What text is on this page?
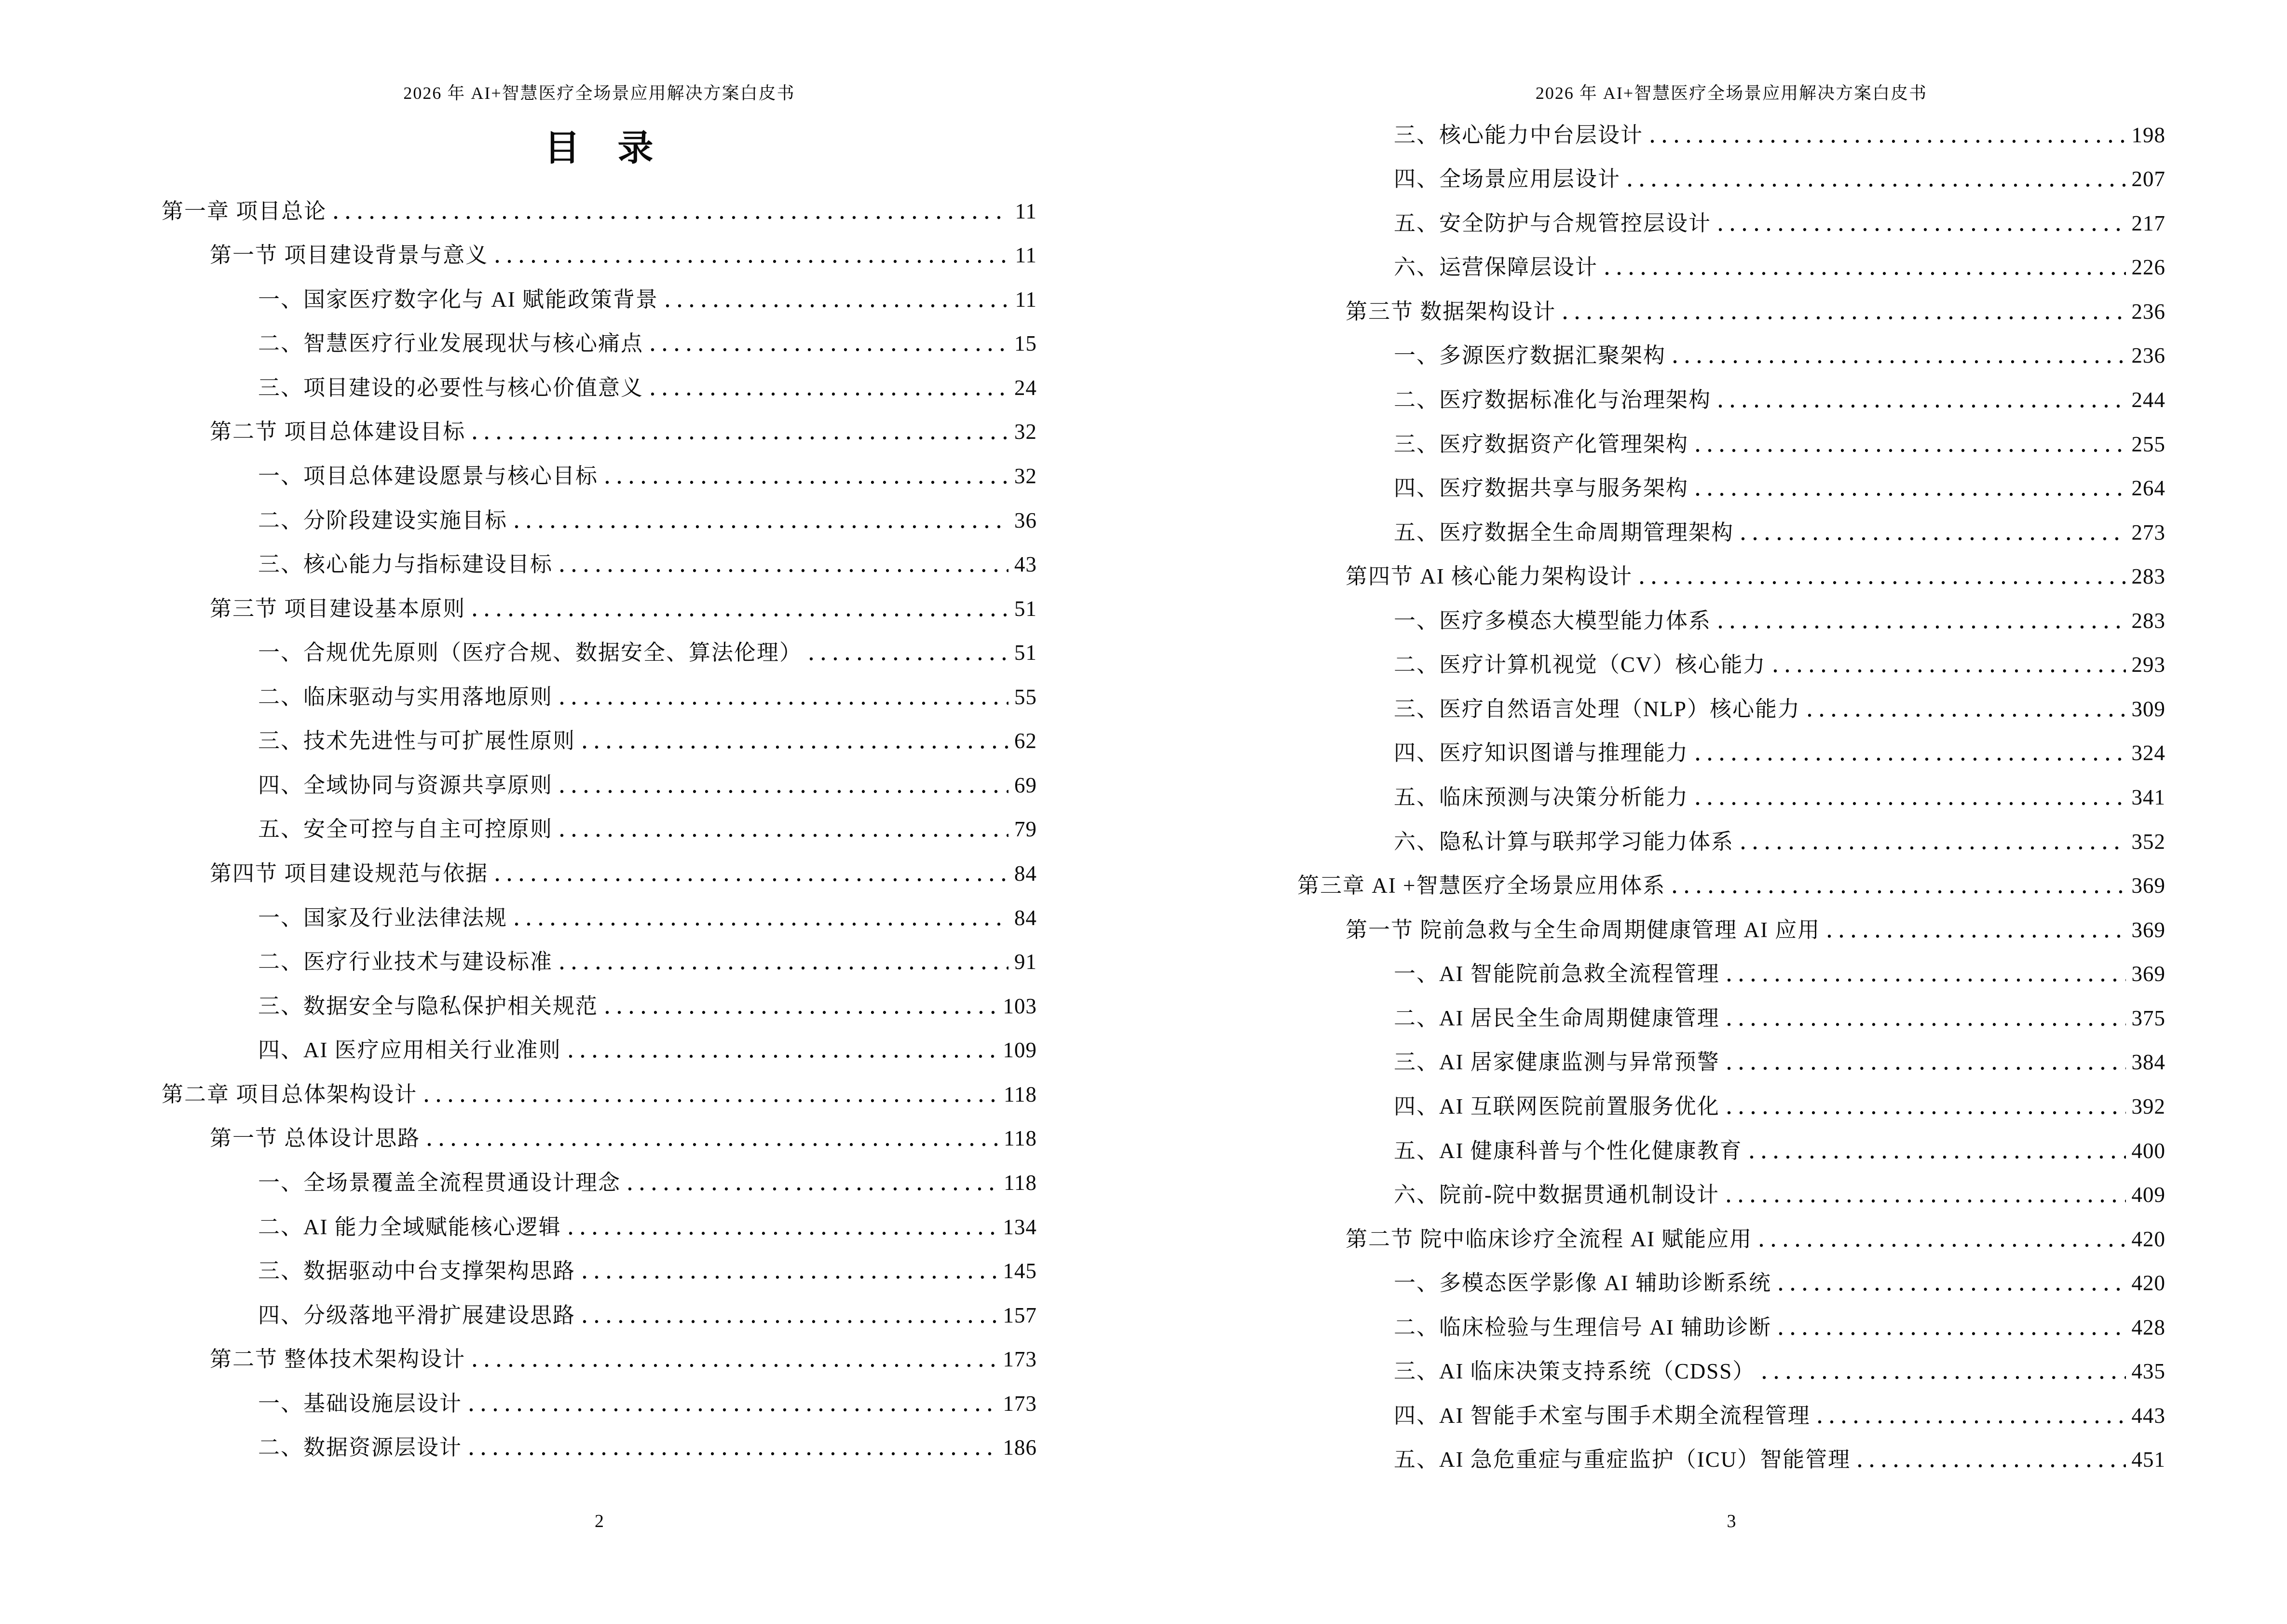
2026 年 AI+智慧医疗全场景应用解决方案白皮书
目　录
第一章 项目总论	11
第一节 项目建设背景与意义	11
一、国家医疗数字化与 AI 赋能政策背景	11
二、智慧医疗行业发展现状与核心痛点	15
三、项目建设的必要性与核心价值意义	24
第二节 项目总体建设目标	32
一、项目总体建设愿景与核心目标	32
二、分阶段建设实施目标	36
三、核心能力与指标建设目标	43
第三节 项目建设基本原则	51
一、合规优先原则（医疗合规、数据安全、算法伦理）	51
二、临床驱动与实用落地原则	55
三、技术先进性与可扩展性原则	62
四、全域协同与资源共享原则	69
五、安全可控与自主可控原则	79
第四节 项目建设规范与依据	84
一、国家及行业法律法规	84
二、医疗行业技术与建设标准	91
三、数据安全与隐私保护相关规范	103
四、AI 医疗应用相关行业准则	109
第二章 项目总体架构设计	118
第一节 总体设计思路	118
一、全场景覆盖全流程贯通设计理念	118
二、AI 能力全域赋能核心逻辑	134
三、数据驱动中台支撑架构思路	145
四、分级落地平滑扩展建设思路	157
第二节 整体技术架构设计	173
一、基础设施层设计	173
二、数据资源层设计	186
2
2026 年 AI+智慧医疗全场景应用解决方案白皮书
三、核心能力中台层设计	198
四、全场景应用层设计	207
五、安全防护与合规管控层设计	217
六、运营保障层设计	226
第三节 数据架构设计	236
一、多源医疗数据汇聚架构	236
二、医疗数据标准化与治理架构	244
三、医疗数据资产化管理架构	255
四、医疗数据共享与服务架构	264
五、医疗数据全生命周期管理架构	273
第四节 AI 核心能力架构设计	283
一、医疗多模态大模型能力体系	283
二、医疗计算机视觉（CV）核心能力	293
三、医疗自然语言处理（NLP）核心能力	309
四、医疗知识图谱与推理能力	324
五、临床预测与决策分析能力	341
六、隐私计算与联邦学习能力体系	352
第三章 AI +智慧医疗全场景应用体系	369
第一节 院前急救与全生命周期健康管理 AI 应用	369
一、AI 智能院前急救全流程管理	369
二、AI 居民全生命周期健康管理	375
三、AI 居家健康监测与异常预警	384
四、AI 互联网医院前置服务优化	392
五、AI 健康科普与个性化健康教育	400
六、院前-院中数据贯通机制设计	409
第二节 院中临床诊疗全流程 AI 赋能应用	420
一、多模态医学影像 AI 辅助诊断系统	420
二、临床检验与生理信号 AI 辅助诊断	428
三、AI 临床决策支持系统（CDSS）	435
四、AI 智能手术室与围手术期全流程管理	443
五、AI 急危重症与重症监护（ICU）智能管理	451
3
